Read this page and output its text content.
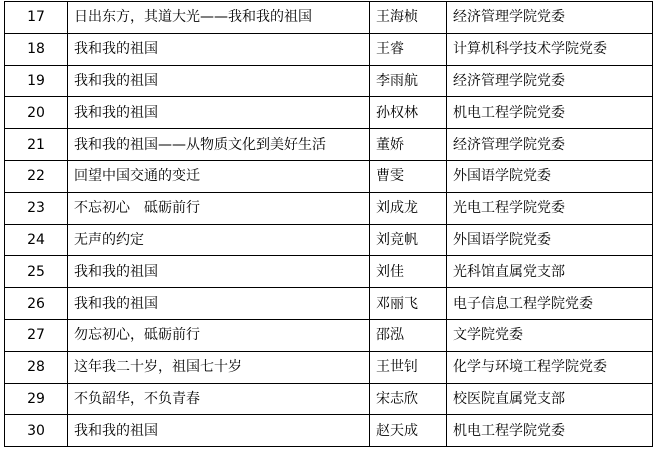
17	日出东方，其道大光——我和我的祖国	王海桢	经济管理学院党委
18	我和我的祖国	王睿	计算机科学技术学院党委
19	我和我的祖国	李雨航	经济管理学院党委
20	我和我的祖国	孙权林	机电工程学院党委
21	我和我的祖国——从物质文化到美好生活	董娇	经济管理学院党委
22	回望中国交通的变迁	曹雯	外国语学院党委
23	不忘初心　砥砺前行	刘成龙	光电工程学院党委
24	无声的约定	刘竞帆	外国语学院党委
25	我和我的祖国	刘佳	光科馆直属党支部
26	我和我的祖国	邓丽飞	电子信息工程学院党委
27	勿忘初心，砥砺前行	邵泓	文学院党委
28	这年我二十岁，祖国七十岁	王世钊	化学与环境工程学院党委
29	不负韶华，不负青春	宋志欣	校医院直属党支部
30	我和我的祖国	赵天成	机电工程学院党委
